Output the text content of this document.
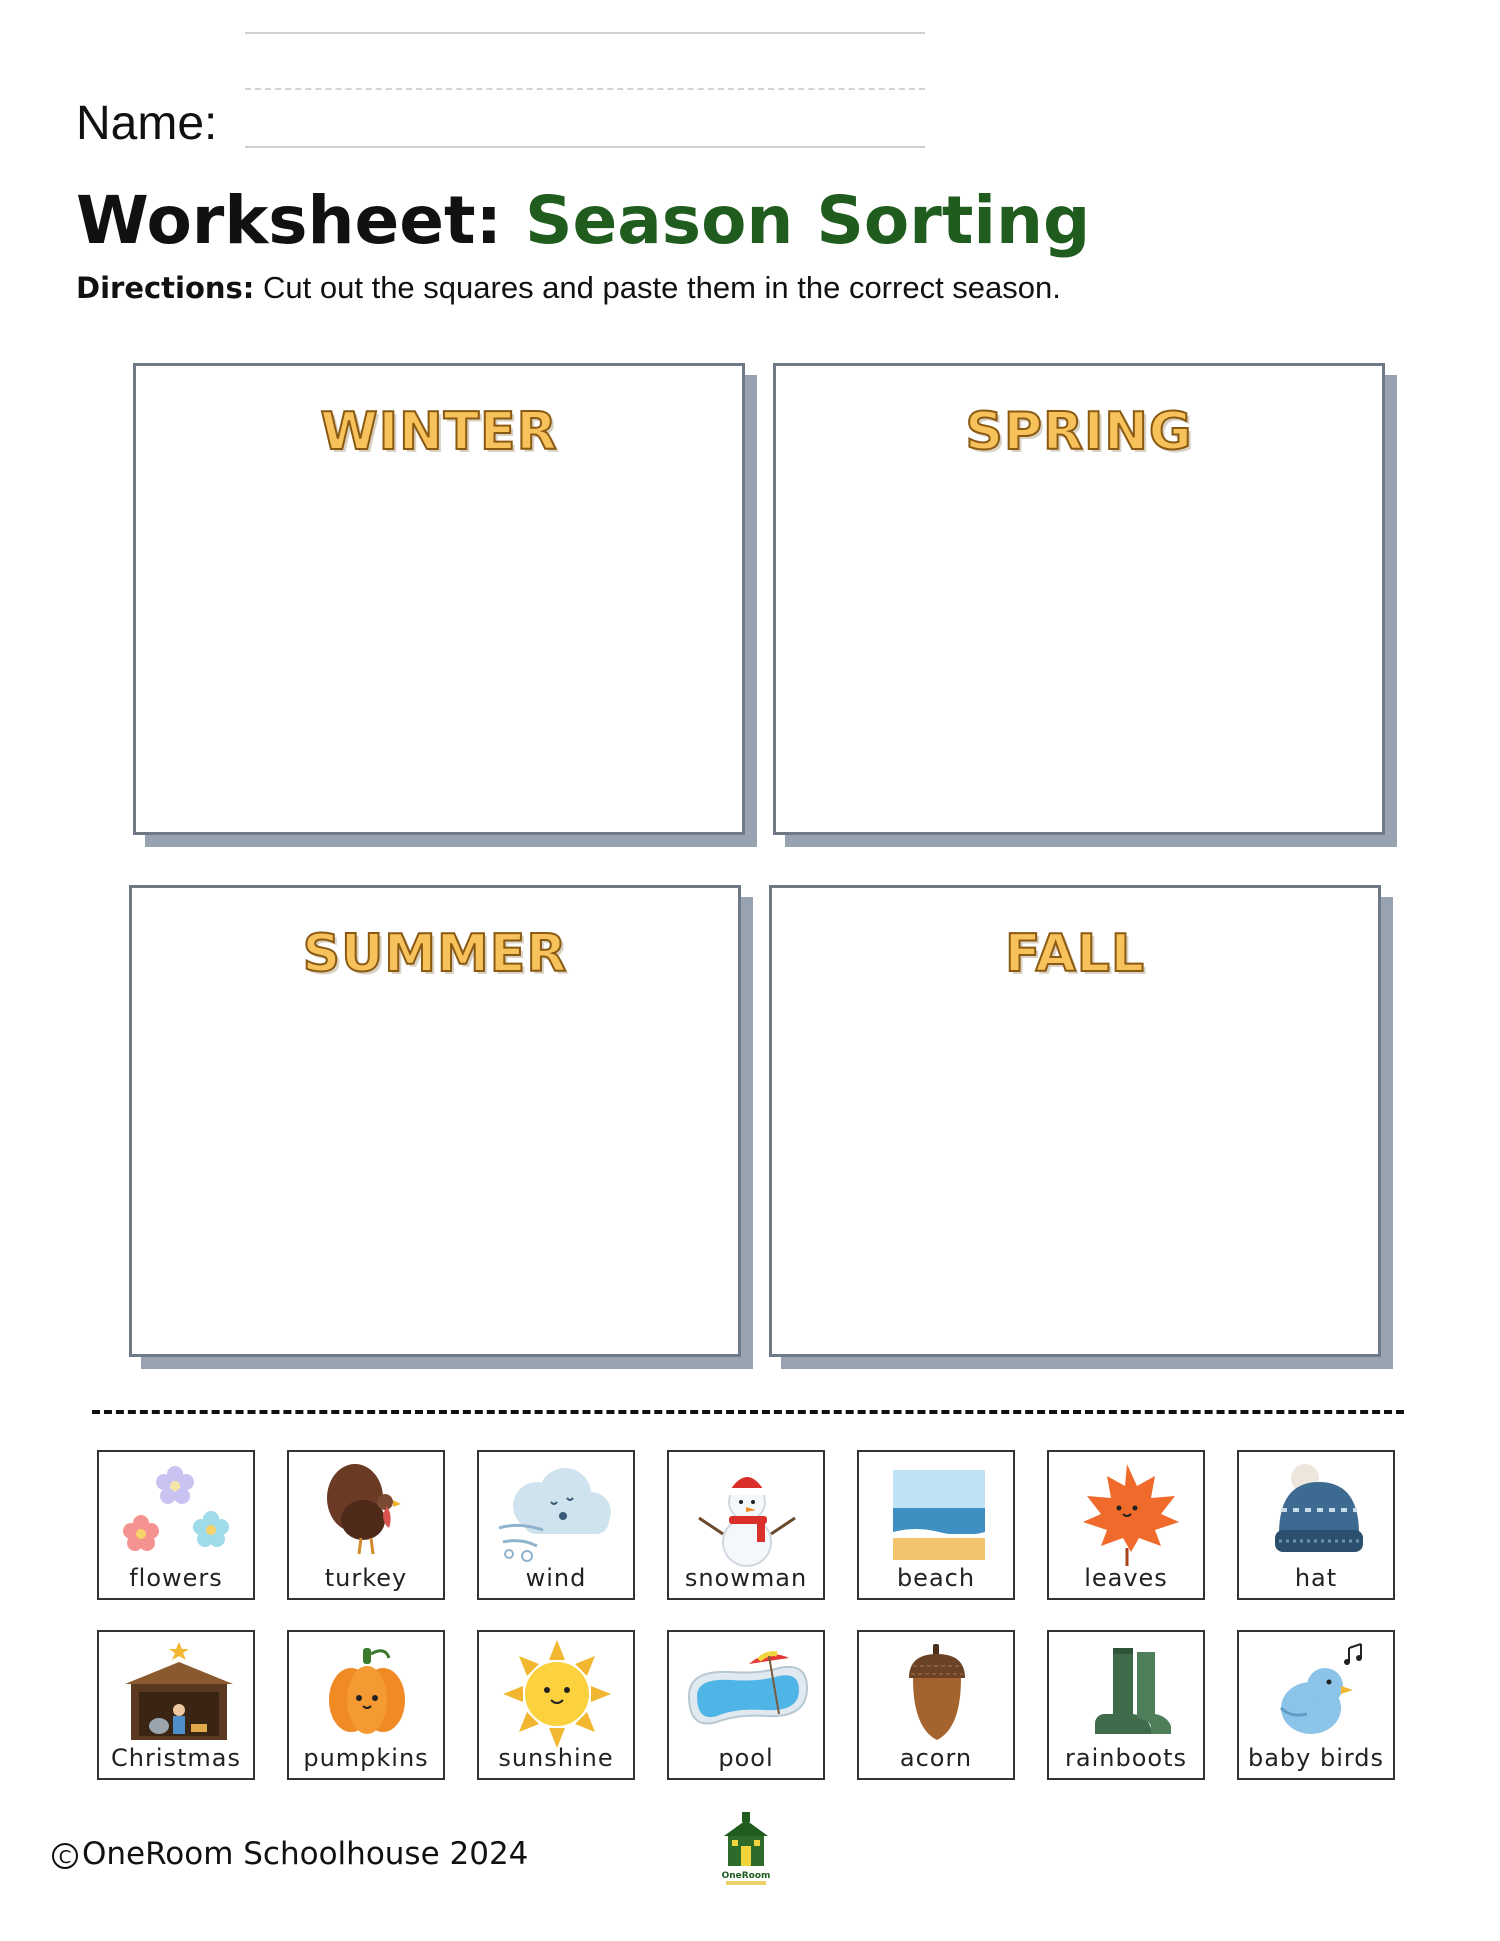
Name:
Worksheet: Season Sorting
Directions: Cut out the squares and paste them in the correct season.
WINTER	SPRING
SUMMER	FALL
flowers	turkey	wind	snowman	beach	leaves	hat
Christmas	pumpkins	sunshine	pool	acorn	rainboots	baby birds
C OneRoom Schoolhouse 2024
OneRoom
